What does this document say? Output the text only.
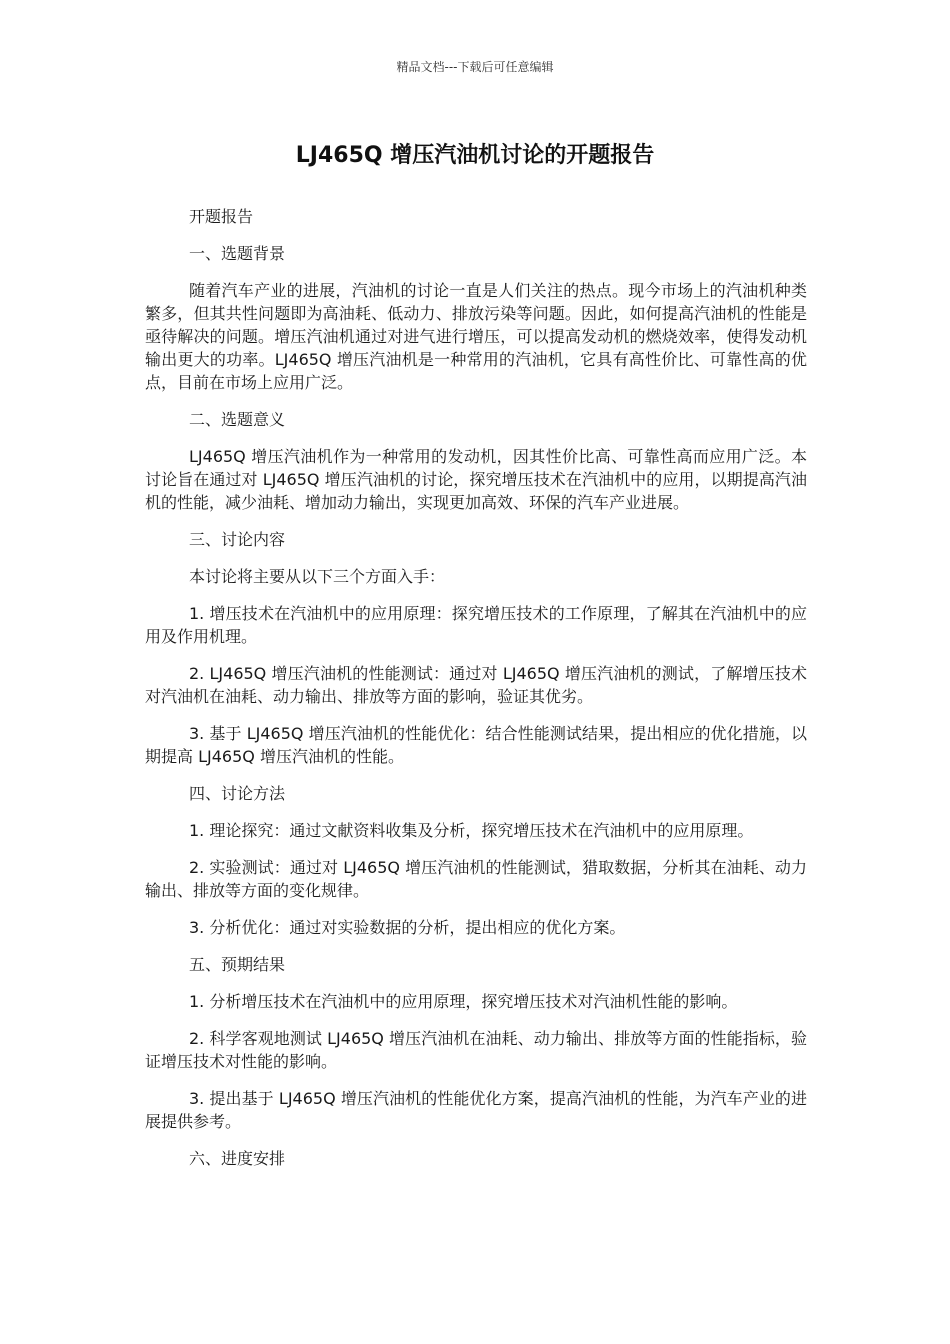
精品文档---下载后可任意编辑
LJ465Q 增压汽油机讨论的开题报告

开题报告

一、选题背景

随着汽车产业的进展，汽油机的讨论一直是人们关注的热点。现今市场上的汽油机种类繁多，但其共性问题即为高油耗、低动力、排放污染等问题。因此，如何提高汽油机的性能是亟待解决的问题。增压汽油机通过对进气进行增压，可以提高发动机的燃烧效率，使得发动机输出更大的功率。LJ465Q 增压汽油机是一种常用的汽油机，它具有高性价比、可靠性高的优点，目前在市场上应用广泛。

二、选题意义

LJ465Q 增压汽油机作为一种常用的发动机，因其性价比高、可靠性高而应用广泛。本讨论旨在通过对 LJ465Q 增压汽油机的讨论，探究增压技术在汽油机中的应用，以期提高汽油机的性能，减少油耗、增加动力输出，实现更加高效、环保的汽车产业进展。

三、讨论内容

本讨论将主要从以下三个方面入手：

1. 增压技术在汽油机中的应用原理：探究增压技术的工作原理，了解其在汽油机中的应用及作用机理。

2. LJ465Q 增压汽油机的性能测试：通过对 LJ465Q 增压汽油机的测试，了解增压技术对汽油机在油耗、动力输出、排放等方面的影响，验证其优劣。

3. 基于 LJ465Q 增压汽油机的性能优化：结合性能测试结果，提出相应的优化措施，以期提高 LJ465Q 增压汽油机的性能。

四、讨论方法

1. 理论探究：通过文献资料收集及分析，探究增压技术在汽油机中的应用原理。

2. 实验测试：通过对 LJ465Q 增压汽油机的性能测试，猎取数据，分析其在油耗、动力输出、排放等方面的变化规律。

3. 分析优化：通过对实验数据的分析，提出相应的优化方案。

五、预期结果

1. 分析增压技术在汽油机中的应用原理，探究增压技术对汽油机性能的影响。

2. 科学客观地测试 LJ465Q 增压汽油机在油耗、动力输出、排放等方面的性能指标，验证增压技术对性能的影响。

3. 提出基于 LJ465Q 增压汽油机的性能优化方案，提高汽油机的性能，为汽车产业的进展提供参考。

六、进度安排
